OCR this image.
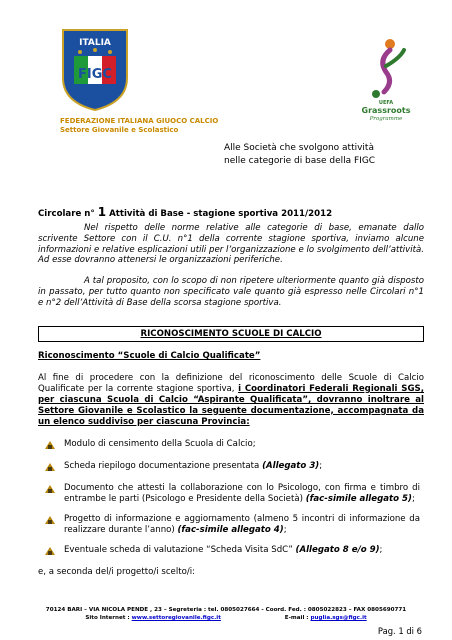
ITALIA
FIGC
FEDERAZIONE ITALIANA GIUOCO CALCIO
Settore Giovanile e Scolastico
UEFA
Grassroots
Programme
Alle Società che svolgono attività
nelle categorie di base della FIGC
Circolare n° 1 Attività di Base - stagione sportiva 2011/2012
Nel rispetto delle norme relative alle categorie di base, emanate dallo scrivente Settore con il C.U. n°1 della corrente stagione sportiva, inviamo alcune informazioni e relative esplicazioni utili per l’organizzazione e lo svolgimento dell’attività. Ad esse dovranno attenersi le organizzazioni periferiche.
A tal proposito, con lo scopo di non ripetere ulteriormente quanto già disposto in passato, per tutto quanto non specificato vale quanto già espresso nelle Circolari n°1 e n°2 dell’Attività di Base della scorsa stagione sportiva.
RICONOSCIMENTO SCUOLE DI CALCIO
Riconoscimento “Scuole di Calcio Qualificate”
Al fine di procedere con la definizione del riconoscimento delle Scuole di Calcio Qualificate per la corrente stagione sportiva, i Coordinatori Federali Regionali SGS, per ciascuna Scuola di Calcio “Aspirante Qualificata”, dovranno inoltrare al Settore Giovanile e Scolastico la seguente documentazione, accompagnata da un elenco suddiviso per ciascuna Provincia:
Modulo di censimento della Scuola di Calcio;
Scheda riepilogo documentazione presentata (Allegato 3);
Documento che attesti la collaborazione con lo Psicologo, con firma e timbro di entrambe le parti (Psicologo e Presidente della Società) (fac-simile allegato 5);
Progetto di informazione e aggiornamento (almeno 5 incontri di informazione da realizzare durante l’anno) (fac-simile allegato 4);
Eventuale scheda di valutazione “Scheda Visita SdC” (Allegato 8 e/o 9);
e, a seconda del/i progetto/i scelto/i:
70124 BARI – VIA NICOLA PENDE , 23 – Segreteria : tel. 0805027664 - Coord. Fed. : 0805022823 – FAX 0805690771
Sito Internet : www.settoregiovanile.figc.it	E-mail : puglia.sgs@figc.it
Pag. 1 di 6
